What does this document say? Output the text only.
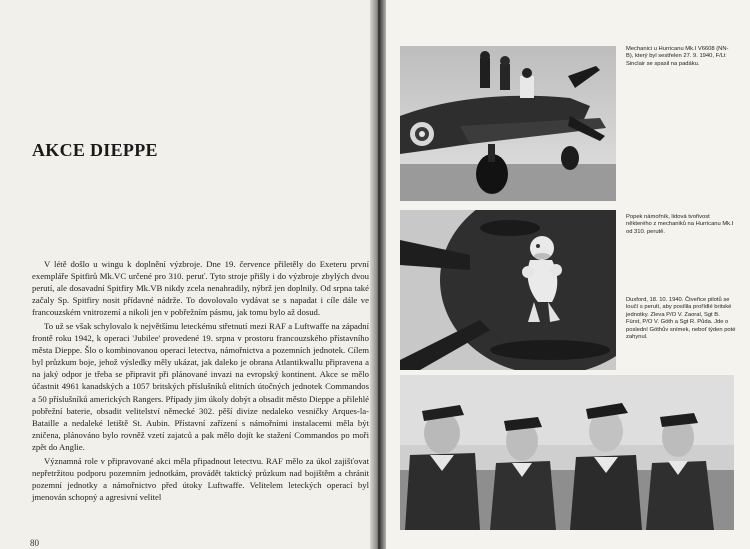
AKCE DIEPPE

V létě došlo u wingu k doplnění výzbroje. Dne 19. července přiletěly do Exeteru první exempláře Spitfirů Mk.VC určené pro 310. peruť. Tyto stroje přišly i do výzbroje zbylých dvou perutí, ale dosavadní Spitfiry Mk.VB nikdy zcela nenahradily, nýbrž jen doplnily. Od srpna také začaly Sp. Spitfiry nosit přídavné nádrže. To dovolovalo vydávat se s napadat i cíle dále ve francouzském vnitrozemí a nikoli jen v pobřežním pásmu, jak tomu bylo až dosud.

To už se však schylovalo k největšímu leteckému střetnutí mezi RAF a Luftwaffe na západní frontě roku 1942, k operaci 'Jubilee' provedené 19. srpna v prostoru francouzského přístavního města Dieppe. Šlo o kombinovanou operaci letectva, námořnictva a pozemních jednotek. Cílem byl průzkum boje, jehož výsledky měly ukázat, jak daleko je obrana Atlantikwallu připravena a na jaký odpor je třeba se připravit při plánované invazi na evropský kontinent. Akce se mělo účastnit 4961 kanadských a 1057 britských příslušníků elitních útočných jednotek Commandos a 50 příslušníků amerických Rangers. Případy jim úkoly dobýt a obsadit město Dieppe a přilehlé pobřežní baterie, obsadit velitelství německé 302. pěší divize nedaleko vesničky Arques-la-Bataille a nedaleké letiště St. Aubin. Přístavní zařízení s námořními instalacemi měla být zničena, plánováno bylo rovněž vzetí zajatců a pak mělo dojít ke stažení Commandos po moři zpět do Anglie.

Významná role v připravované akci měla připadnout letectvu. RAF mělo za úkol zajišťovat nepřetržitou podporu pozemním jednotkám, provádět taktický průzkum nad bojištěm a chránit pozemní jednotky a námořnictvo před útoky Luftwaffe. Velitelem leteckých operací byl jmenován schopný a agresivní velitel

80
Mechanici u Hurricanu Mk.I V6608 (NN-B), který byl sestřelen 27. 9. 1940, F/Lt Sinclair se spasil na padáku.
Popek námořník, lidová tvořivost některého z mechaniků na Hurricanu Mk.I od 310. perutě.
Duxford, 18. 10. 1940. Čtveřice pilotů se loučí s perutí, aby posílila prořídlé britské jednotky. Zleva P/O V. Zaoral, Sgt B. Fürst, P/O V. Göth a Sgt R. Půda. Jde o poslední Göthův snímek, neboť týden poté zahynul.
